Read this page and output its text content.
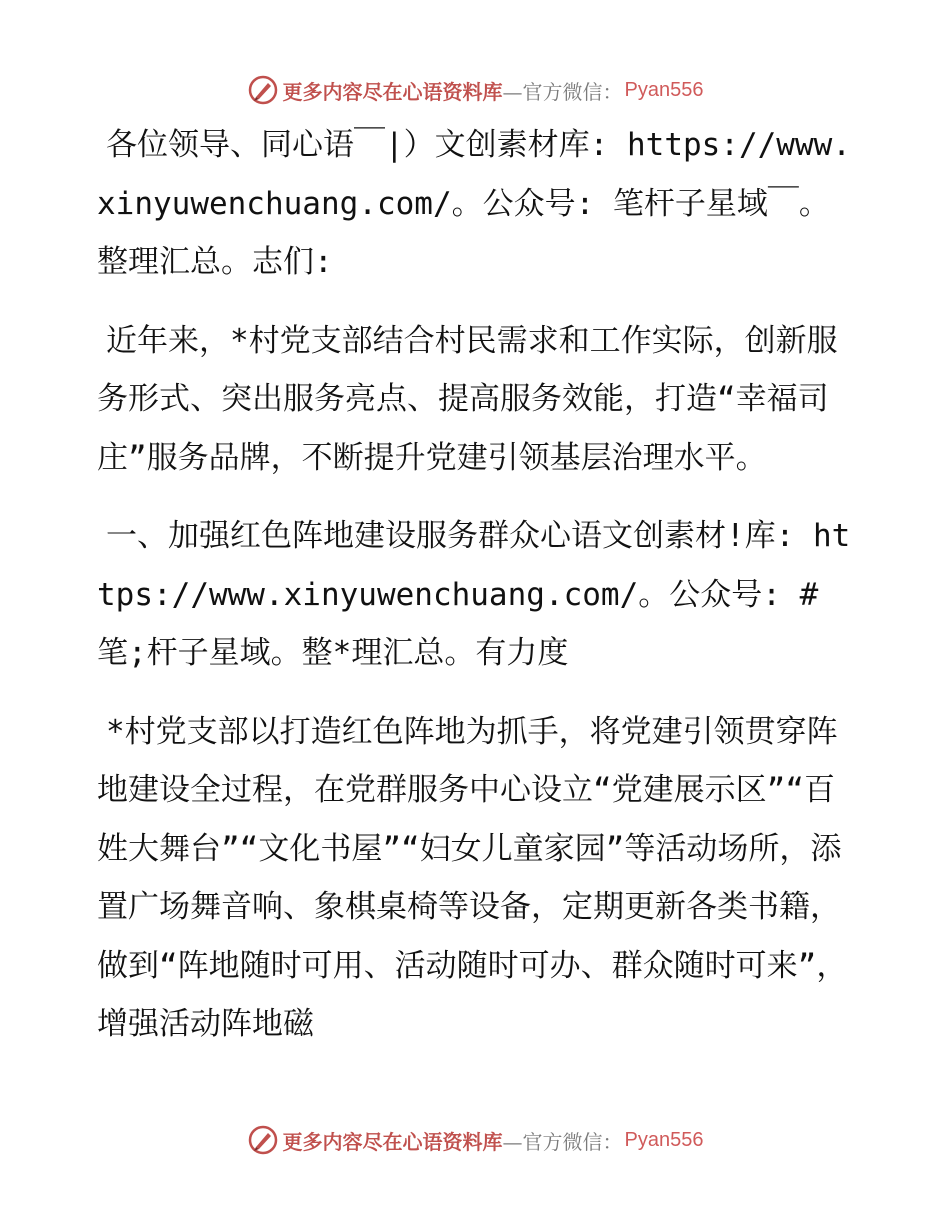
更多内容尽在心语资料库 —官方微信： Pyan556

各位领导、同心语￣|）文创素材库: https://www.xinyuwenchuang.com/。公众号: 笔杆子星域￣。整理汇总。志们:

近年来，*村党支部结合村民需求和工作实际，创新服务形式、突出服务亮点、提高服务效能，打造“幸福司庄”服务品牌，不断提升党建引领基层治理水平。

一、加强红色阵地建设服务群众心语文创素材!库: https://www.xinyuwenchuang.com/。公众号: #笔;杆子星域。整*理汇总。有力度

*村党支部以打造红色阵地为抓手，将党建引领贯穿阵地建设全过程，在党群服务中心设立“党建展示区”“百姓大舞台”“文化书屋”“妇女儿童家园”等活动场所，添置广场舞音响、象棋桌椅等设备，定期更新各类书籍，做到“阵地随时可用、活动随时可办、群众随时可来”，增强活动阵地磁

更多内容尽在心语资料库 —官方微信： Pyan556
